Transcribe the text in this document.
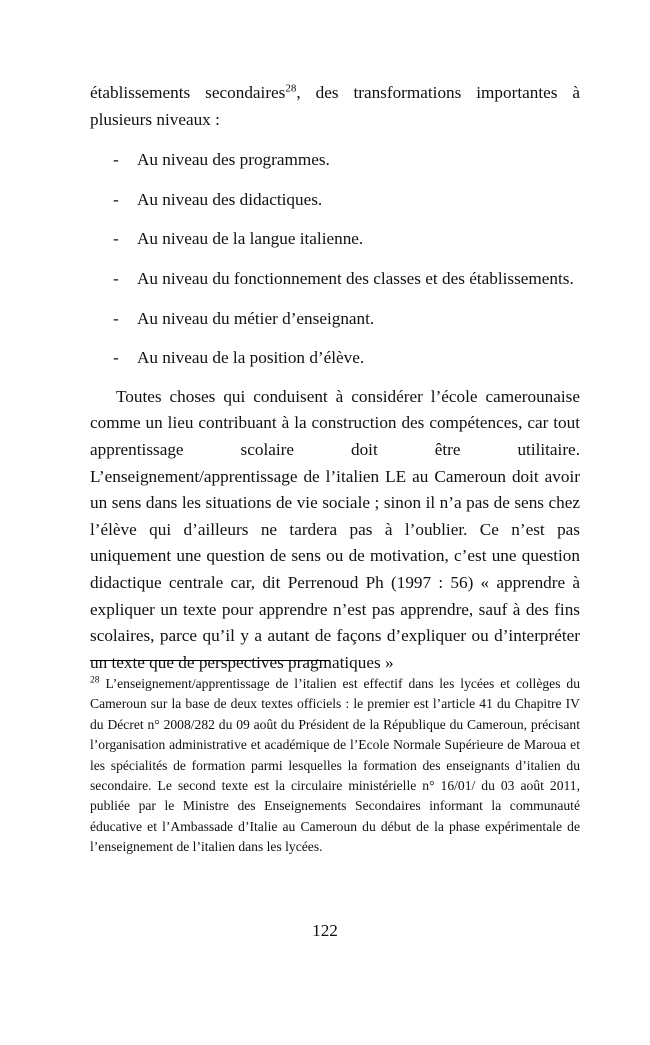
établissements secondaires$^{28}$, des transformations importantes à plusieurs niveaux :

- Au niveau des programmes.
- Au niveau des didactiques.
- Au niveau de la langue italienne.
- Au niveau du fonctionnement des classes et des établissements.
- Au niveau du métier d’enseignant.
- Au niveau de la position d’élève.

Toutes choses qui conduisent à considérer l’école camerounaise comme un lieu contribuant à la construction des compétences, car tout apprentissage scolaire doit être utilitaire. L’enseignement/apprentissage de l’italien LE au Cameroun doit avoir un sens dans les situations de vie sociale ; sinon il n’a pas de sens chez l’élève qui d’ailleurs ne tardera pas à l’oublier. Ce n’est pas uniquement une question de sens ou de motivation, c’est une question didactique centrale car, dit Perrenoud Ph (1997 : 56) « apprendre à expliquer un texte pour apprendre n’est pas apprendre, sauf à des fins scolaires, parce qu’il y a autant de façons d’expliquer ou d’interpréter un texte que de perspectives pragmatiques »

$^{28}$ L’enseignement/apprentissage de l’italien est effectif dans les lycées et collèges du Cameroun sur la base de deux textes officiels : le premier est l’article 41 du Chapitre IV du Décret n° 2008/282 du 09 août du Président de la République du Cameroun, précisant l’organisation administrative et académique de l’Ecole Normale Supérieure de Maroua et les spécialités de formation parmi lesquelles la formation des enseignants d’italien du secondaire. Le second texte est la circulaire ministérielle n° 16/01/ du 03 août 2011, publiée par le Ministre des Enseignements Secondaires informant la communauté éducative et l’Ambassade d’Italie au Cameroun du début de la phase expérimentale de l’enseignement de l’italien dans les lycées.

122
